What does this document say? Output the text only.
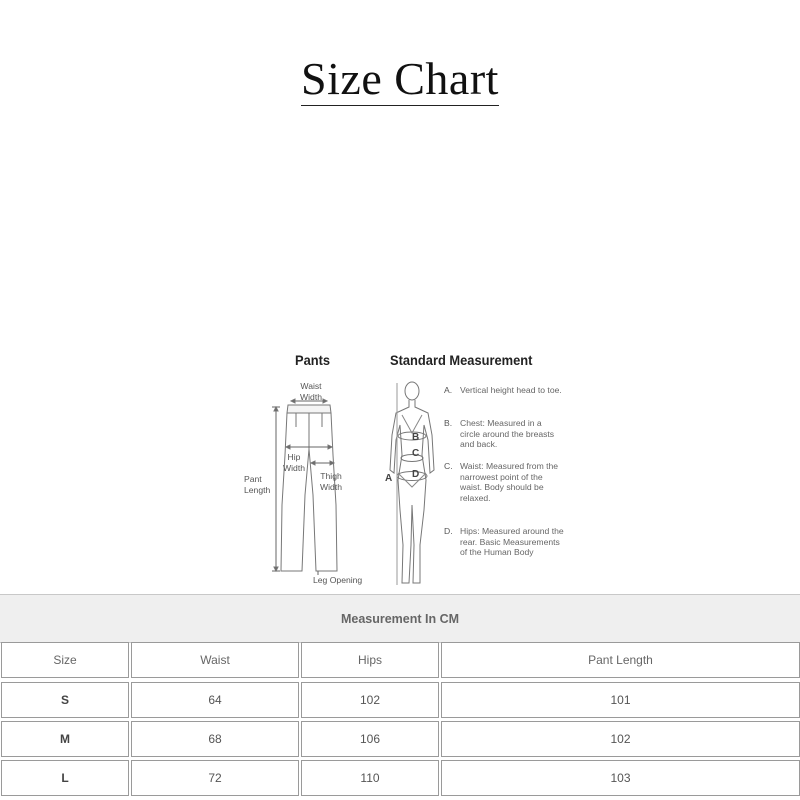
Size Chart
Pants	Standard Measurement
Waist Width
Hip Width
Thigh Width
Pant Length
Leg Opening
A
B
C
D
A. Vertical height head to toe.
B. Chest: Measured in a circle around the breasts and back.
C. Waist: Measured from the narrowest point of the waist. Body should be relaxed.
D. Hips: Measured around the rear. Basic Measurements of the Human Body
Measurement In CM
Size	Waist	Hips	Pant Length
S	64	102	101
M	68	106	102
L	72	110	103
